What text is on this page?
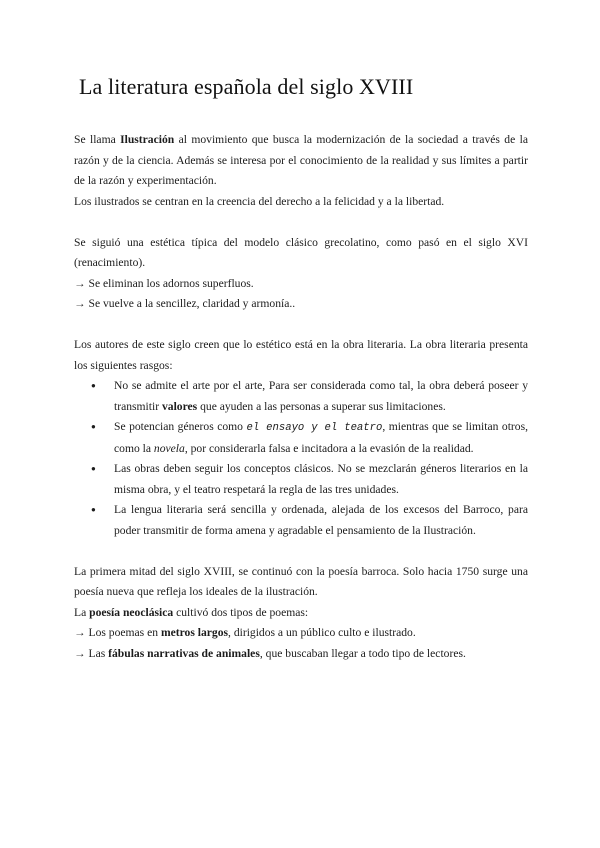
La literatura española del siglo XVIII

Se llama Ilustración al movimiento que busca la modernización de la sociedad a través de la razón y de la ciencia. Además se interesa por el conocimiento de la realidad y sus límites a partir de la razón y experimentación.

Los ilustrados se centran en la creencia del derecho a la felicidad y a la libertad.

Se siguió una estética típica del modelo clásico grecolatino, como pasó en el siglo XVI (renacimiento).

→ Se eliminan los adornos superfluos.

→ Se vuelve a la sencillez, claridad y armonía..

Los autores de este siglo creen que lo estético está en la obra literaria. La obra literaria presenta los siguientes rasgos:

● No se admite el arte por el arte, Para ser considerada como tal, la obra deberá poseer y transmitir valores que ayuden a las personas a superar sus limitaciones.
● Se potencian géneros como el ensayo y el teatro, mientras que se limitan otros, como la novela, por considerarla falsa e incitadora a la evasión de la realidad.
● Las obras deben seguir los conceptos clásicos. No se mezclarán géneros literarios en la misma obra, y el teatro respetará la regla de las tres unidades.
● La lengua literaria será sencilla y ordenada, alejada de los excesos del Barroco, para poder transmitir de forma amena y agradable el pensamiento de la Ilustración.

La primera mitad del siglo XVIII, se continuó con la poesía barroca. Solo hacia 1750 surge una poesía nueva que refleja los ideales de la ilustración.

La poesía neoclásica cultivó dos tipos de poemas:

→ Los poemas en metros largos, dirigidos a un público culto e ilustrado.

→ Las fábulas narrativas de animales, que buscaban llegar a todo tipo de lectores.
